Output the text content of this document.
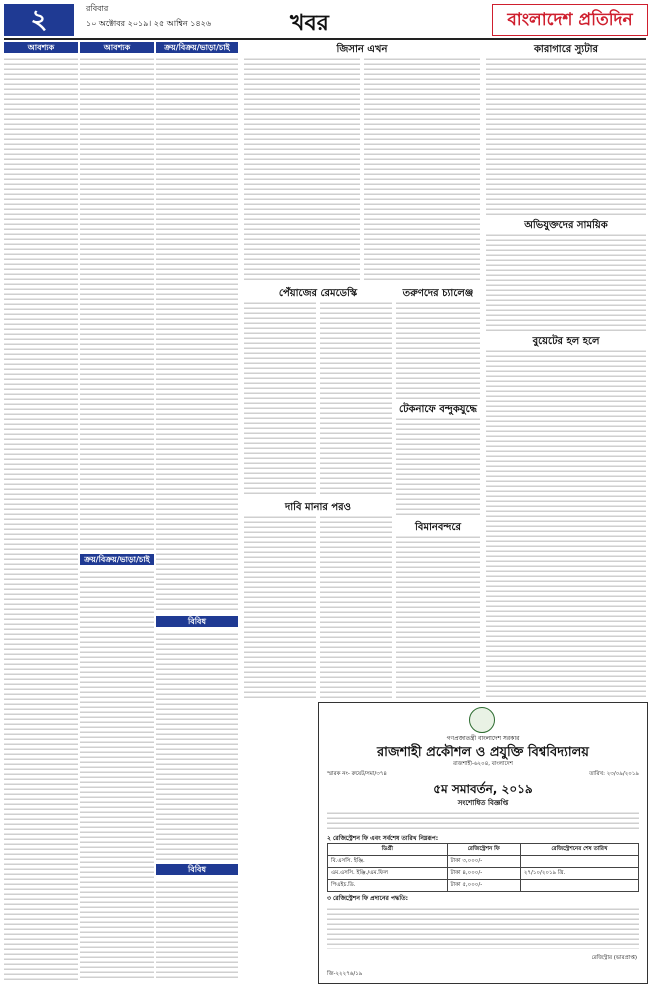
২	রবিবার
১০ অক্টোবর ২০১৯। ২৫ আশ্বিন ১৪২৬	খবর	বাংলাদেশ প্রতিদিন
আবশ্যক	আবশ্যক
ক্রয়/বিক্রয়/ভাড়া/চাই
ক্রয়/বিক্রয়/ভাড়া/চাই
বিবিধ
বিবিধ
জিসান এখন	কারাগারে স্যুটার
অভিযুক্তদের সাময়িক
বুয়েটের হল হলে
পেঁয়াজের রেমডেস্কি	তরুণদের চ্যালেঞ্জ
টেকনাফে বন্দুকযুদ্ধে
দাবি মানার পরও
বিমানবন্দরে
গণপ্রজাতন্ত্রী বাংলাদেশ সরকার
রাজশাহী প্রকৌশল ও প্রযুক্তি বিশ্ববিদ্যালয়
রাজশাহী-৬২০৪, বাংলাদেশ
স্মারক নং- রুয়েট/সমা/৩৭৪	তারিখ: ২৩/০৯/২০১৯
৫ম সমাবর্তন, ২০১৯
সংশোধিত বিজ্ঞপ্তি
২ রেজিস্ট্রেশন ফি এবং সর্বশেষ তারিখ নিম্নরূপ:
ডিগ্রী	রেজিস্ট্রেশন ফি	রেজিস্ট্রেশনের শেষ তারিখ
বি.এসসি. ইঞ্জি.	টাকা ৩,০০০/-	
এম.এসসি. ইঞ্জি./এম.ফিল	টাকা ৪,০০০/-	২৭/১০/২০১৯ খ্রি.
পিএইচ.ডি.	টাকা ৫,০০০/-	
৩ রেজিস্ট্রেশন ফি প্রদানের পদ্ধতি:
রেজিস্ট্রার (ভারপ্রাপ্ত)
জি-২২২৭৬/১৯
